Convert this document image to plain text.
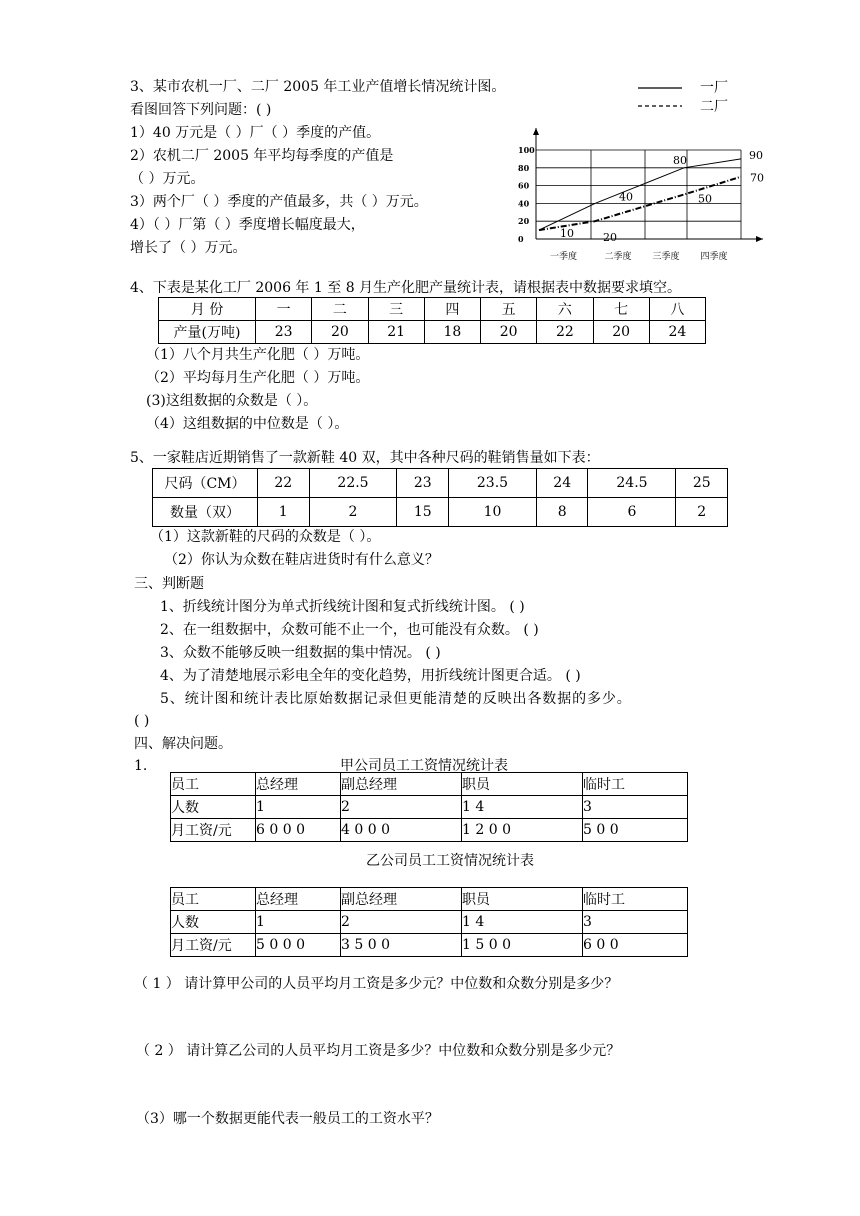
3、某市农机一厂、二厂 2005 年工业产值增长情况统计图。
看图回答下列问题：( )
1）40 万元是（ ）厂（ ）季度的产值。
2）农机二厂 2005 年平均每季度的产值是
（ ）万元。
3）两个厂（ ）季度的产值最多，共（ ）万元。
4）（ ）厂第（ ）季度增长幅度最大，
增长了（ ）万元。
一厂
二厂
0
20
40
60
80
100
一季度	二季度 三季度 四季度
10	20
40	50
80	90
70
4、下表是某化工厂 2006 年 1 至 8 月生产化肥产量统计表，请根据表中数据要求填空。
月 份	一	二	三	四	五	六	七	八
产量(万吨)	23	20	21	18	20	22	20	24
（1）八个月共生产化肥（ ）万吨。
（2）平均每月生产化肥（ ）万吨。
(3)这组数据的众数是（ ）。
（4）这组数据的中位数是（ ）。
5、一家鞋店近期销售了一款新鞋 40 双，其中各种尺码的鞋销售量如下表：
尺码（CM）	22	22.5	23	23.5	24	24.5	25
数量（双）	1	2	15	10	8	6	2
（1）这款新鞋的尺码的众数是（ ）。
（2）你认为众数在鞋店进货时有什么意义？
三、判断题
1、折线统计图分为单式折线统计图和复式折线统计图。 ( )
2、在一组数据中，众数可能不止一个，也可能没有众数。 ( )
3、众数不能够反映一组数据的集中情况。 ( )
4、为了清楚地展示彩电全年的变化趋势，用折线统计图更合适。 ( )
5、统计图和统计表比原始数据记录但更能清楚的反映出各数据的多少。
( )
四、解决问题。
1.	甲公司员工工资情况统计表
员工	总经理	副总经理	职员	临时工
人数	1	2	1 4	3
月工资/元	6 0 0 0	4 0 0 0	1 2 0 0	5 0 0
乙公司员工工资情况统计表
员工	总经理	副总经理	职员	临时工
人数	1	2	1 4	3
月工资/元	5 0 0 0	3 5 0 0	1 5 0 0	6 0 0
（ 1 ） 请计算甲公司的人员平均月工资是多少元？中位数和众数分别是多少？
（ 2 ） 请计算乙公司的人员平均月工资是多少？中位数和众数分别是多少元？
（3）哪一个数据更能代表一般员工的工资水平？
